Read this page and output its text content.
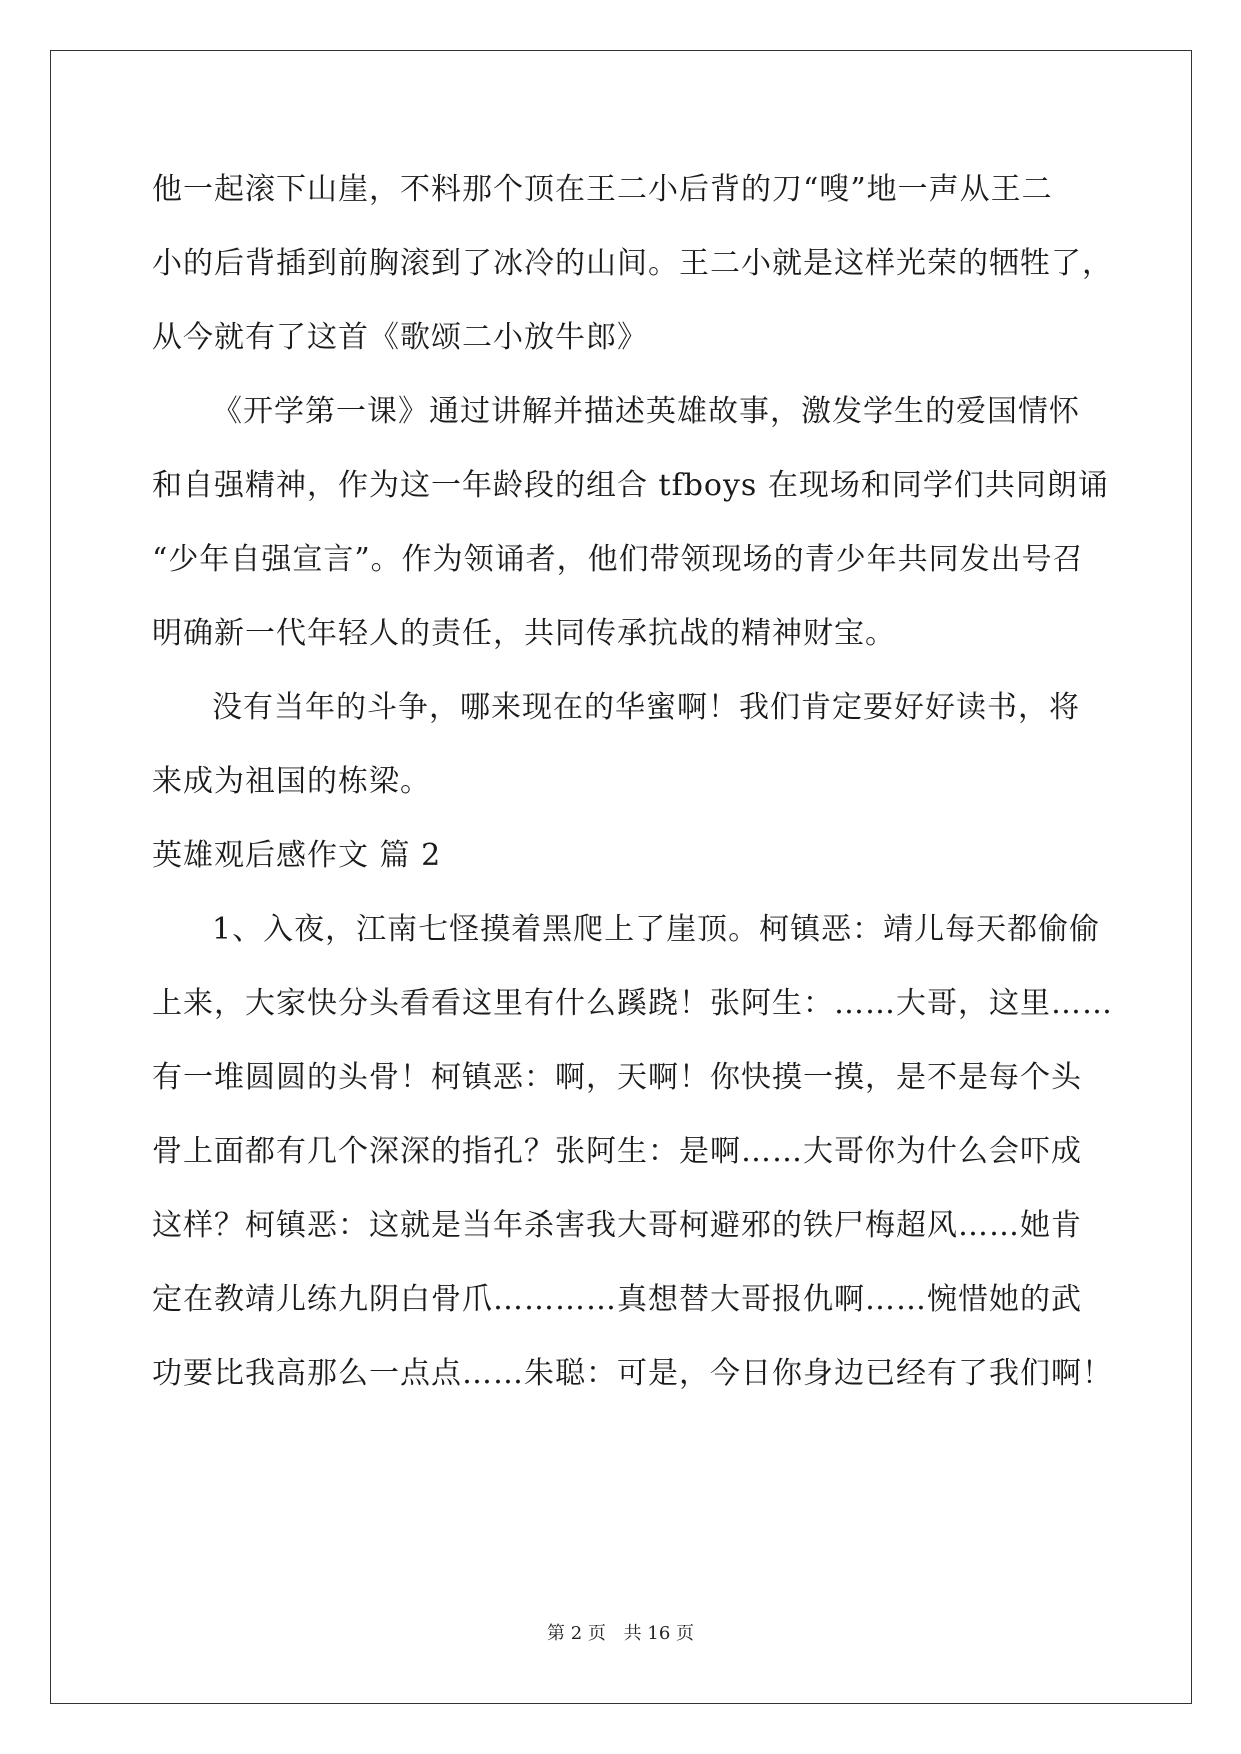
他一起滚下山崖，不料那个顶在王二小后背的刀“嗖”地一声从王二
小的后背插到前胸滚到了冰冷的山间。王二小就是这样光荣的牺牲了，
从今就有了这首《歌颂二小放牛郎》
《开学第一课》通过讲解并描述英雄故事，激发学生的爱国情怀
和自强精神，作为这一年龄段的组合 tfboys 在现场和同学们共同朗诵
“少年自强宣言”。作为领诵者，他们带领现场的青少年共同发出号召
明确新一代年轻人的责任，共同传承抗战的精神财宝。
没有当年的斗争，哪来现在的华蜜啊！我们肯定要好好读书，将
来成为祖国的栋梁。
英雄观后感作文 篇 2
1、入夜，江南七怪摸着黑爬上了崖顶。柯镇恶：靖儿每天都偷偷
上来，大家快分头看看这里有什么蹊跷！张阿生：……大哥，这里……
有一堆圆圆的头骨！柯镇恶：啊，天啊！你快摸一摸，是不是每个头
骨上面都有几个深深的指孔？张阿生：是啊……大哥你为什么会吓成
这样？柯镇恶：这就是当年杀害我大哥柯避邪的铁尸梅超风……她肯
定在教靖儿练九阴白骨爪…………真想替大哥报仇啊……惋惜她的武
功要比我高那么一点点……朱聪：可是，今日你身边已经有了我们啊！
第 2 页 共 16 页
